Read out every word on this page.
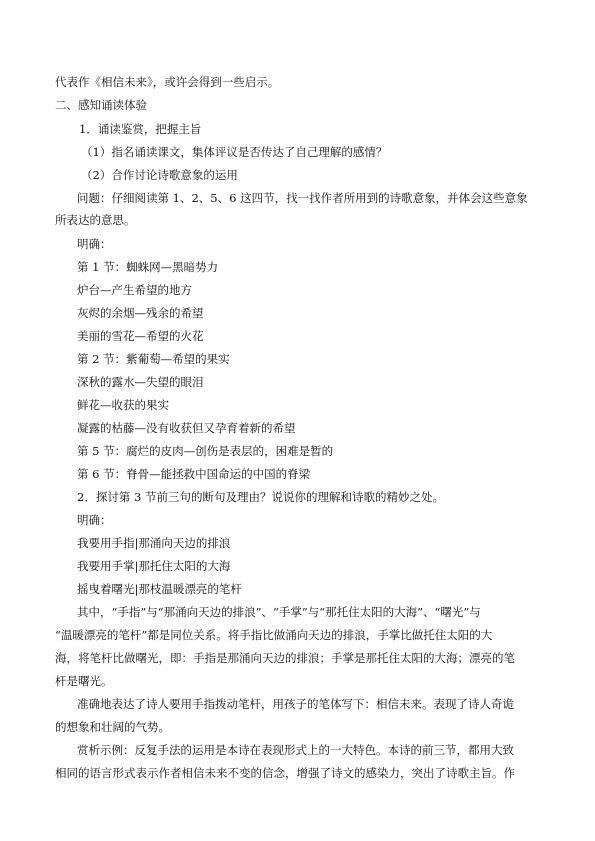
代表作《相信未来》，或许会得到一些启示。
二、感知诵读体验
1．诵读鉴赏，把握主旨
（1）指名诵读课文，集体评议是否传达了自己理解的感情？
（2）合作讨论诗歌意象的运用
问题：仔细阅读第 1、2、5、6 这四节，找一找作者所用到的诗歌意象，并体会这些意象
所表达的意思。
明确：
第 1 节：蜘蛛网—黑暗势力
炉台—产生希望的地方
灰烬的余烟—残余的希望
美丽的雪花—希望的火花
第 2 节：紫葡萄—希望的果实
深秋的露水—失望的眼泪
鲜花—收获的果实
凝露的枯藤—没有收获但又孕育着新的希望
第 5 节：腐烂的皮肉—创伤是表层的，困难是暂的
第 6 节：脊骨—能拯救中国命运的中国的脊梁
2．探讨第 3 节前三句的断句及理由？说说你的理解和诗歌的精妙之处。
明确：
我要用手指|那涌向天边的排浪
我要用手掌|那托住太阳的大海
摇曳着曙光|那枝温暖漂亮的笔杆
其中，“手指”与“那涌向天边的排浪”、“手掌”与“那托住太阳的大海”、“曙光”与
“温暖漂亮的笔杆”都是同位关系。将手指比做涌向天边的排浪，手掌比做托住太阳的大
海，将笔杆比做曙光，即：手指是那涌向天边的排浪；手掌是那托住太阳的大海；漂亮的笔
杆是曙光。
准确地表达了诗人要用手指拨动笔杆，用孩子的笔体写下：相信未来。表现了诗人奇诡
的想象和壮阔的气势。
赏析示例：反复手法的运用是本诗在表现形式上的一大特色。本诗的前三节，都用大致
相同的语言形式表示作者相信未来不变的信念，增强了诗文的感染力，突出了诗歌主旨。作
